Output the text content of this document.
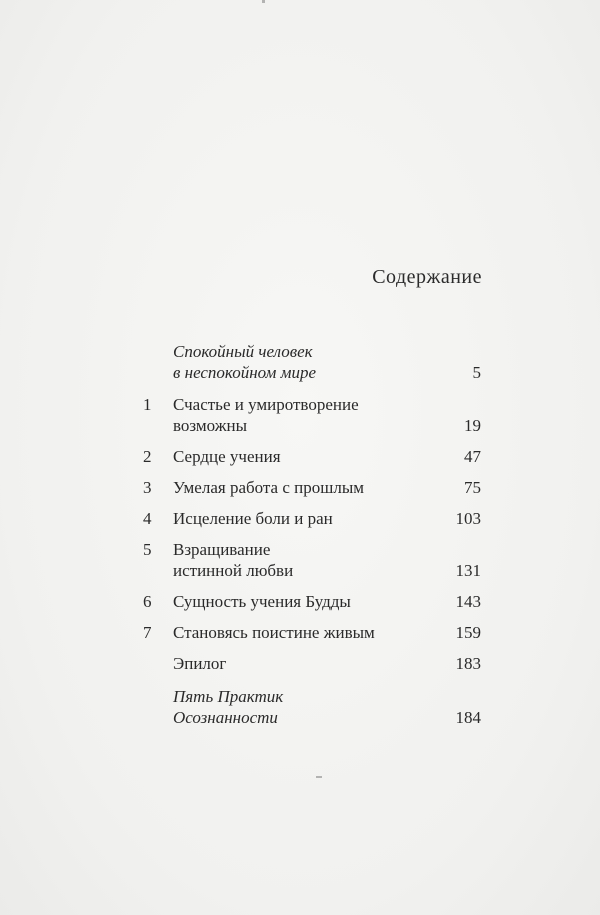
Содержание
Спокойный человек
в неспокойном мире	5
1	Счастье и умиротворение
возможны	19
2	Сердце учения	47
3	Умелая работа с прошлым	75
4	Исцеление боли и ран	103
5	Взращивание
истинной любви	131
6	Сущность учения Будды	143
7	Становясь поистине живым	159
Эпилог	183
Пять Практик
Осознанности	184
